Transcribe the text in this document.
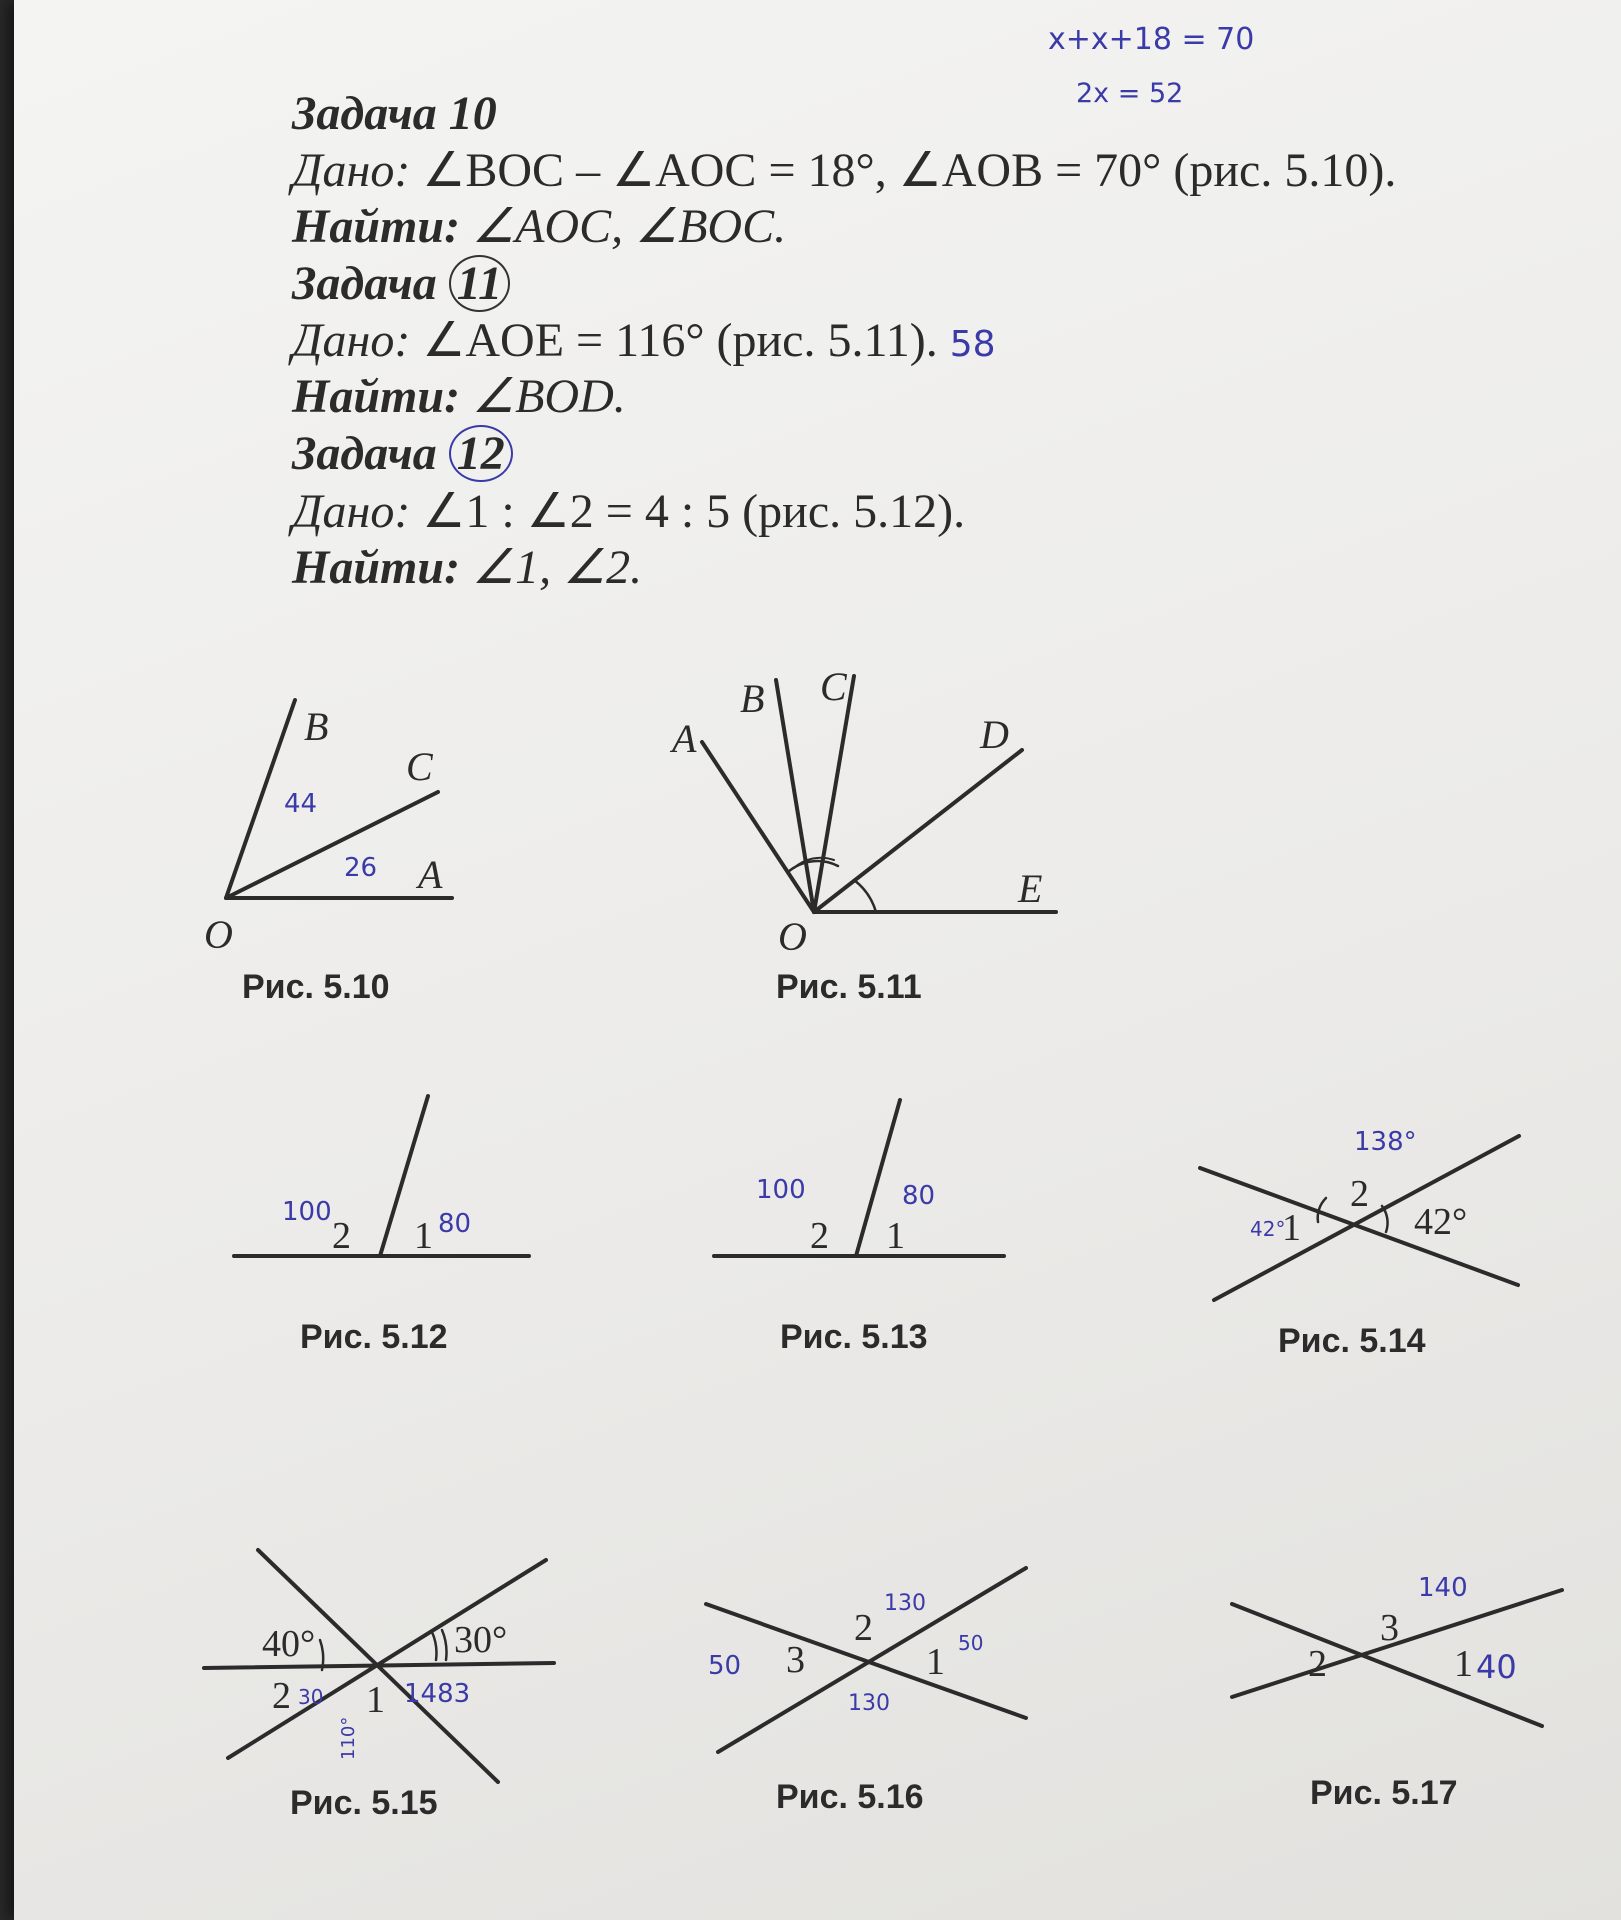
x+x+18 = 70
2x = 52

Задача 10

Дано: ∠BOC – ∠AOC = 18°, ∠AOB = 70° (рис. 5.10).

Найти: ∠AOC, ∠BOC.

Задача 11

Дано: ∠AOE = 116° (рис. 5.11). 58

Найти: ∠BOD.

Задача 12

Дано: ∠1 : ∠2 = 4 : 5 (рис. 5.12).

Найти: ∠1, ∠2.

O
A
B
C
44
26
Рис. 5.10
O
A
B C
D
E
Рис. 5.11
2 1
100	80
Рис. 5.12
2 1
100	80
Рис. 5.13
2
1	42°
138°
42°
Рис. 5.14
40°	30°
2 1
30	1483
110°
Рис. 5.15
2
3	1
130
50
50
130
Рис. 5.16
3
2	1
140
40
Рис. 5.17
